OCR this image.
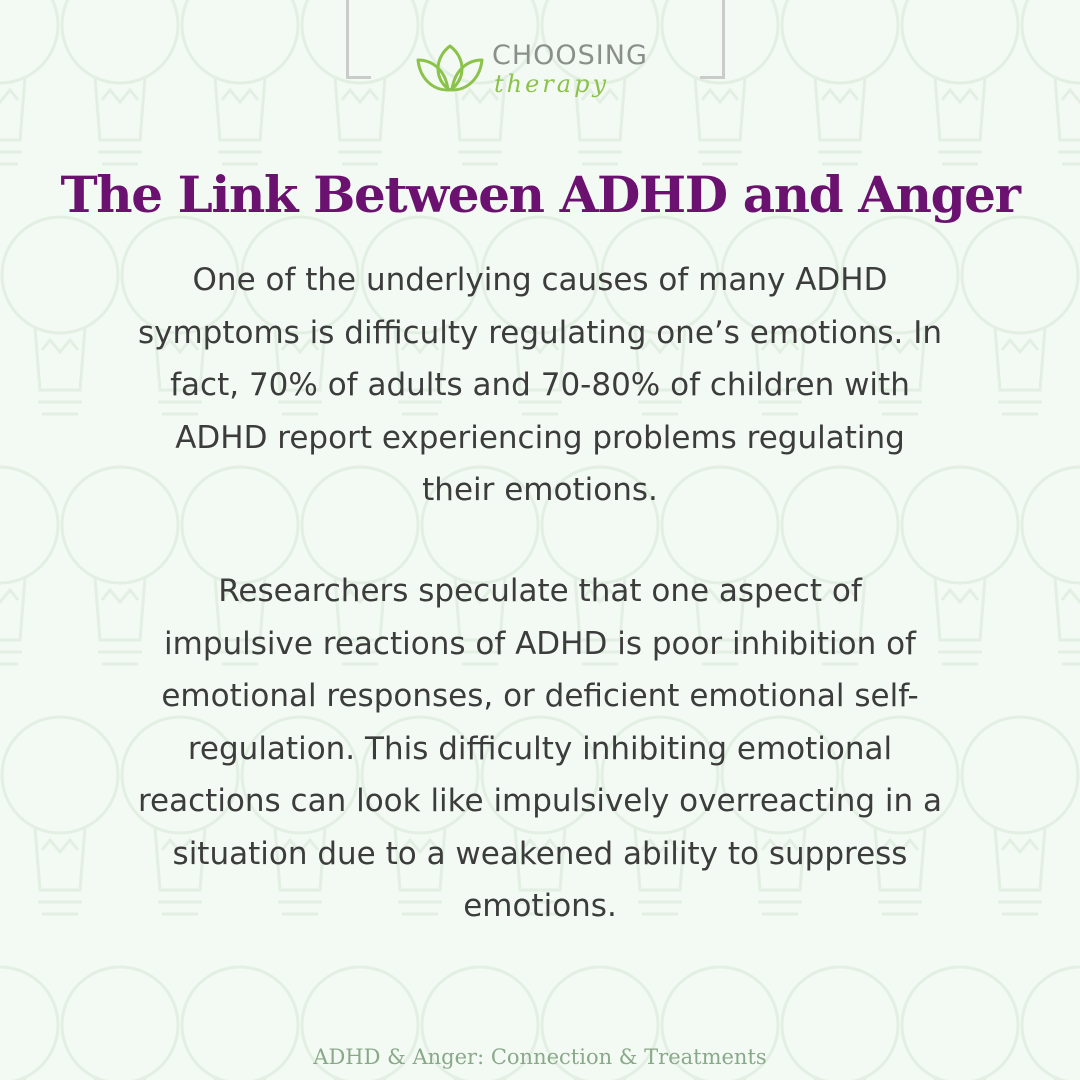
CHOOSING
therapy
The Link Between ADHD and Anger
One of the underlying causes of many ADHD
symptoms is difficulty regulating one’s emotions. In
fact, 70% of adults and 70-80% of children with
ADHD report experiencing problems regulating
their emotions.
Researchers speculate that one aspect of
impulsive reactions of ADHD is poor inhibition of
emotional responses, or deficient emotional self-
regulation. This difficulty inhibiting emotional
reactions can look like impulsively overreacting in a
situation due to a weakened ability to suppress
emotions.
ADHD & Anger: Connection & Treatments
